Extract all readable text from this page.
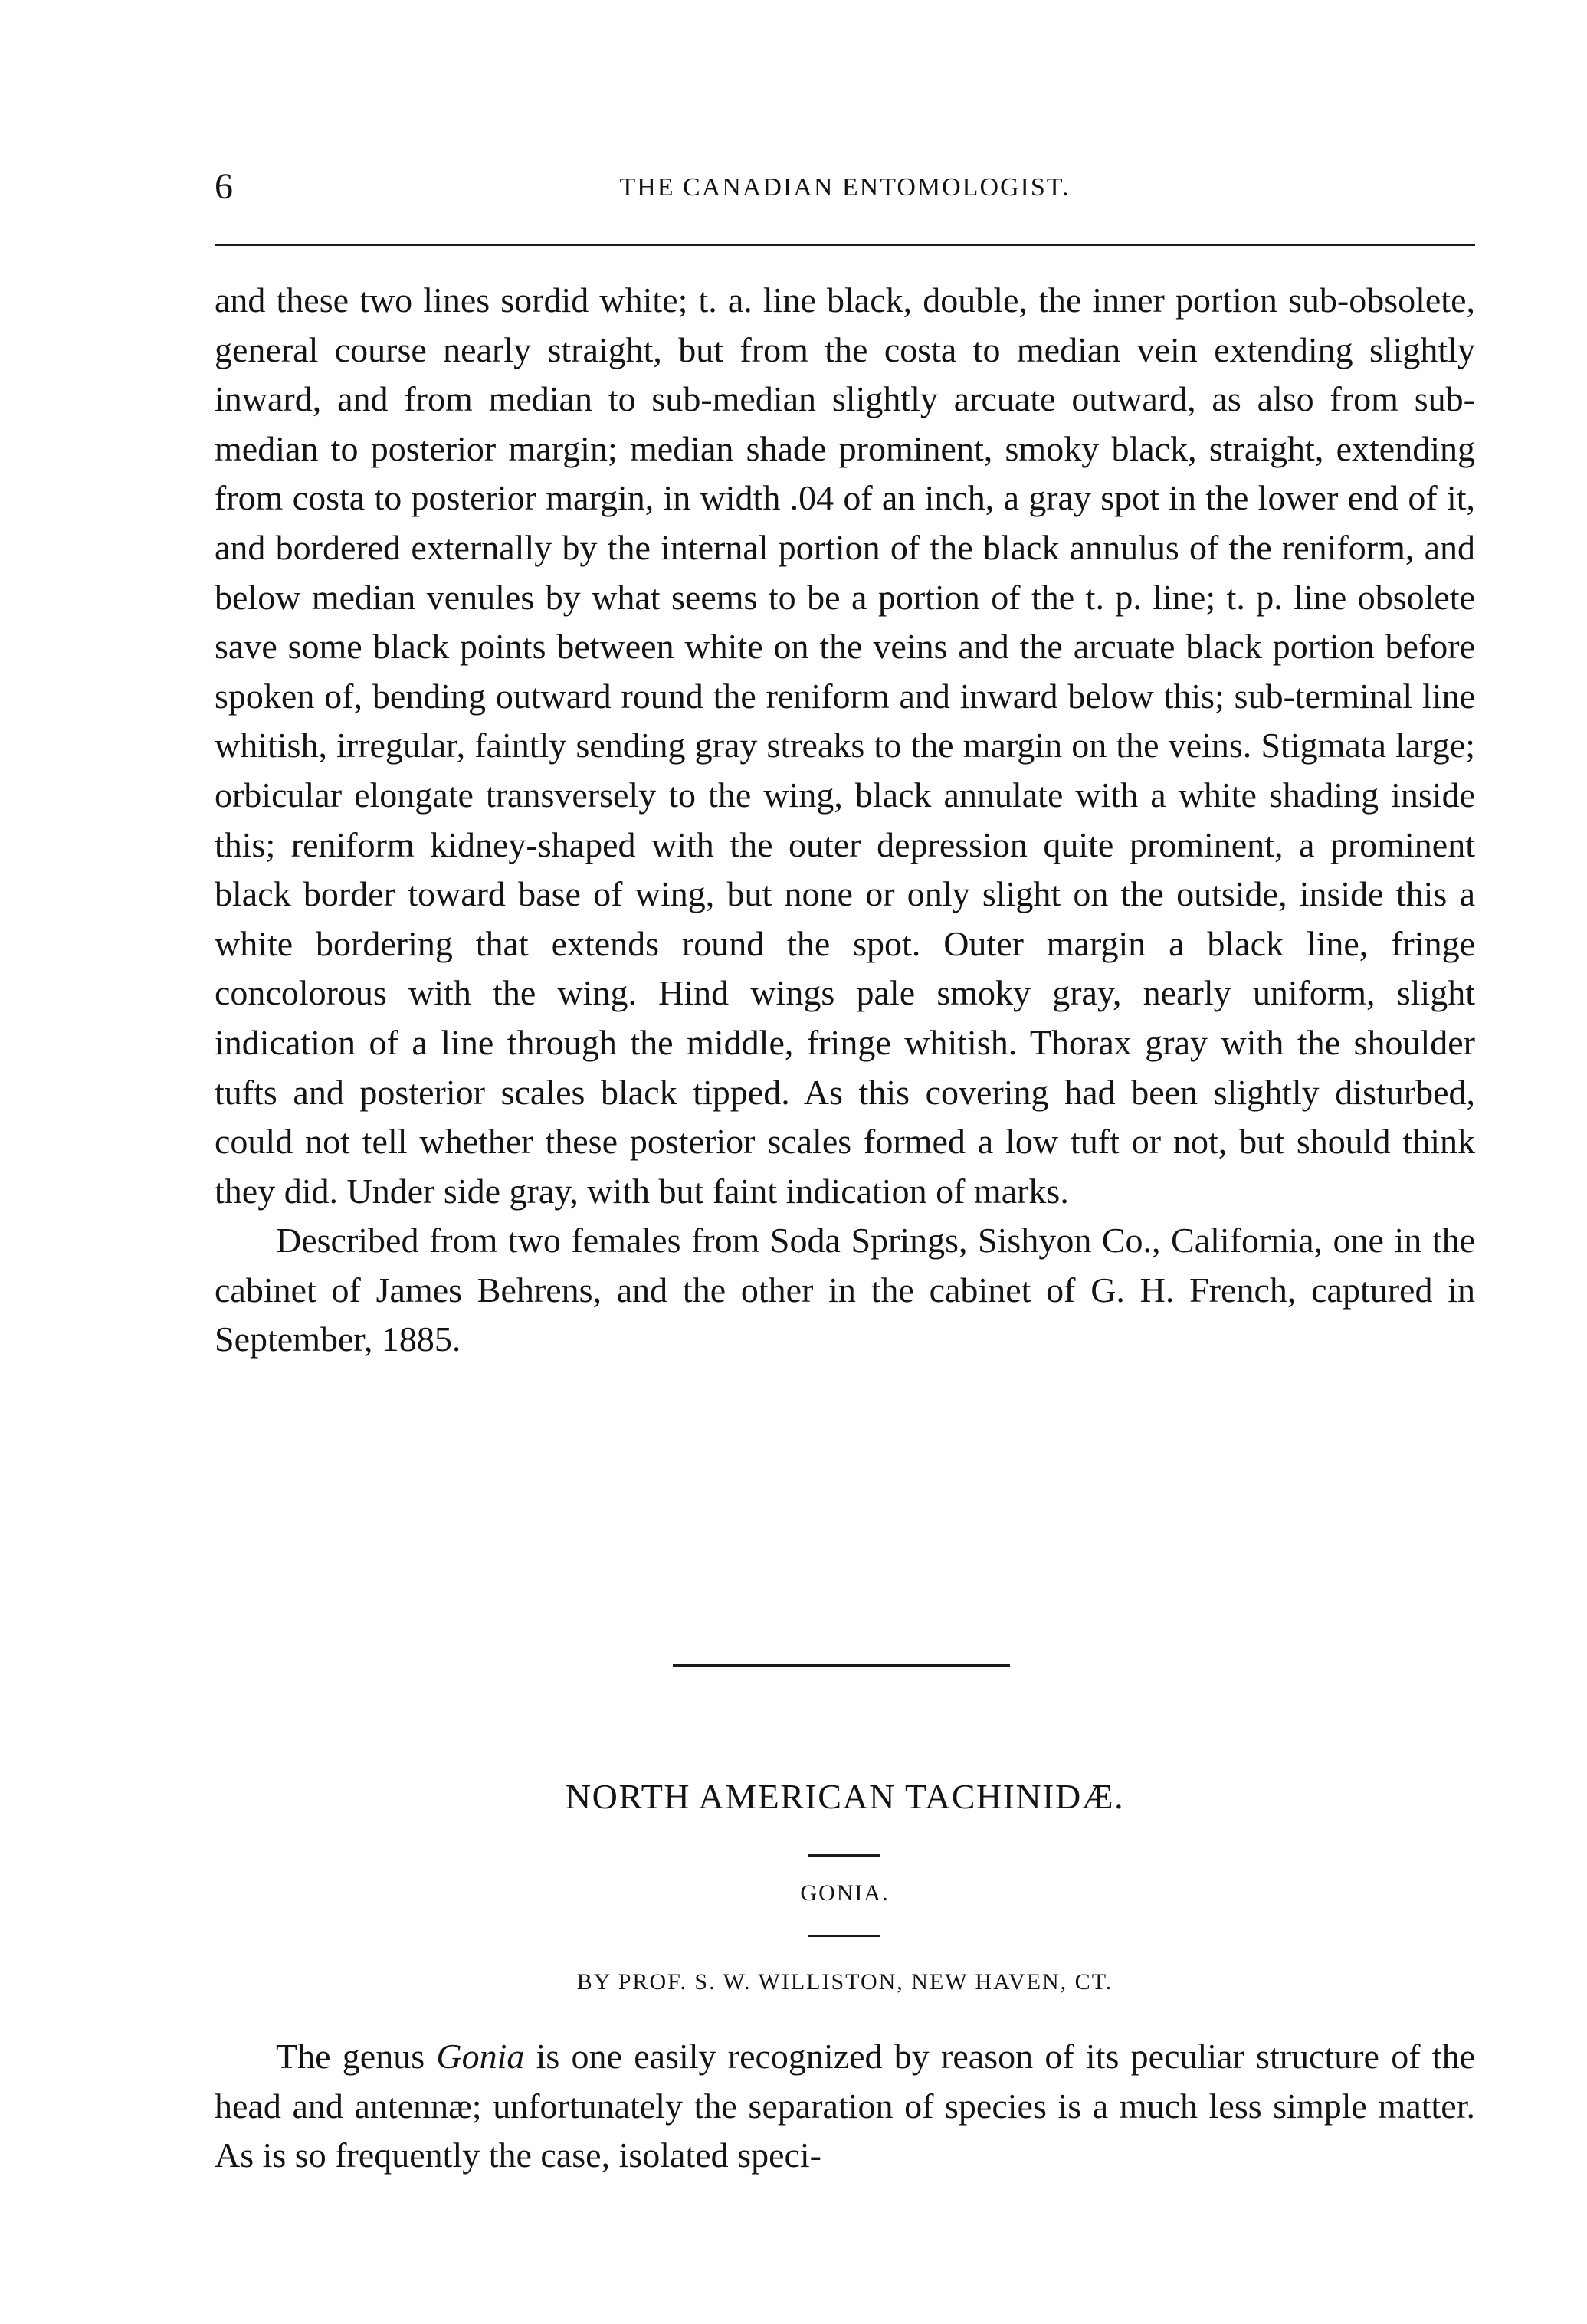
6	THE CANADIAN ENTOMOLOGIST.

and these two lines sordid white; t. a. line black, double, the inner portion sub-obsolete, general course nearly straight, but from the costa to median vein extending slightly inward, and from median to sub-median slightly arcuate outward, as also from sub-median to posterior margin; median shade prominent, smoky black, straight, extending from costa to posterior margin, in width .04 of an inch, a gray spot in the lower end of it, and bordered externally by the internal portion of the black annulus of the reniform, and below median venules by what seems to be a portion of the t. p. line; t. p. line obsolete save some black points between white on the veins and the arcuate black portion before spoken of, bending outward round the reniform and inward below this; sub-terminal line whitish, irregular, faintly sending gray streaks to the margin on the veins. Stigmata large; orbicular elongate transversely to the wing, black annulate with a white shading inside this; reniform kidney-shaped with the outer depression quite prominent, a prominent black border toward base of wing, but none or only slight on the outside, inside this a white bordering that extends round the spot. Outer margin a black line, fringe concolorous with the wing. Hind wings pale smoky gray, nearly uniform, slight indication of a line through the middle, fringe whitish. Thorax gray with the shoulder tufts and posterior scales black tipped. As this covering had been slightly disturbed, could not tell whether these posterior scales formed a low tuft or not, but should think they did. Under side gray, with but faint indication of marks.

Described from two females from Soda Springs, Sishyon Co., California, one in the cabinet of James Behrens, and the other in the cabinet of G. H. French, captured in September, 1885.

NORTH AMERICAN TACHINIDÆ.
GONIA.
BY PROF. S. W. WILLISTON, NEW HAVEN, CT.

The genus Gonia is one easily recognized by reason of its peculiar structure of the head and antennæ; unfortunately the separation of species is a much less simple matter. As is so frequently the case, isolated speci-
